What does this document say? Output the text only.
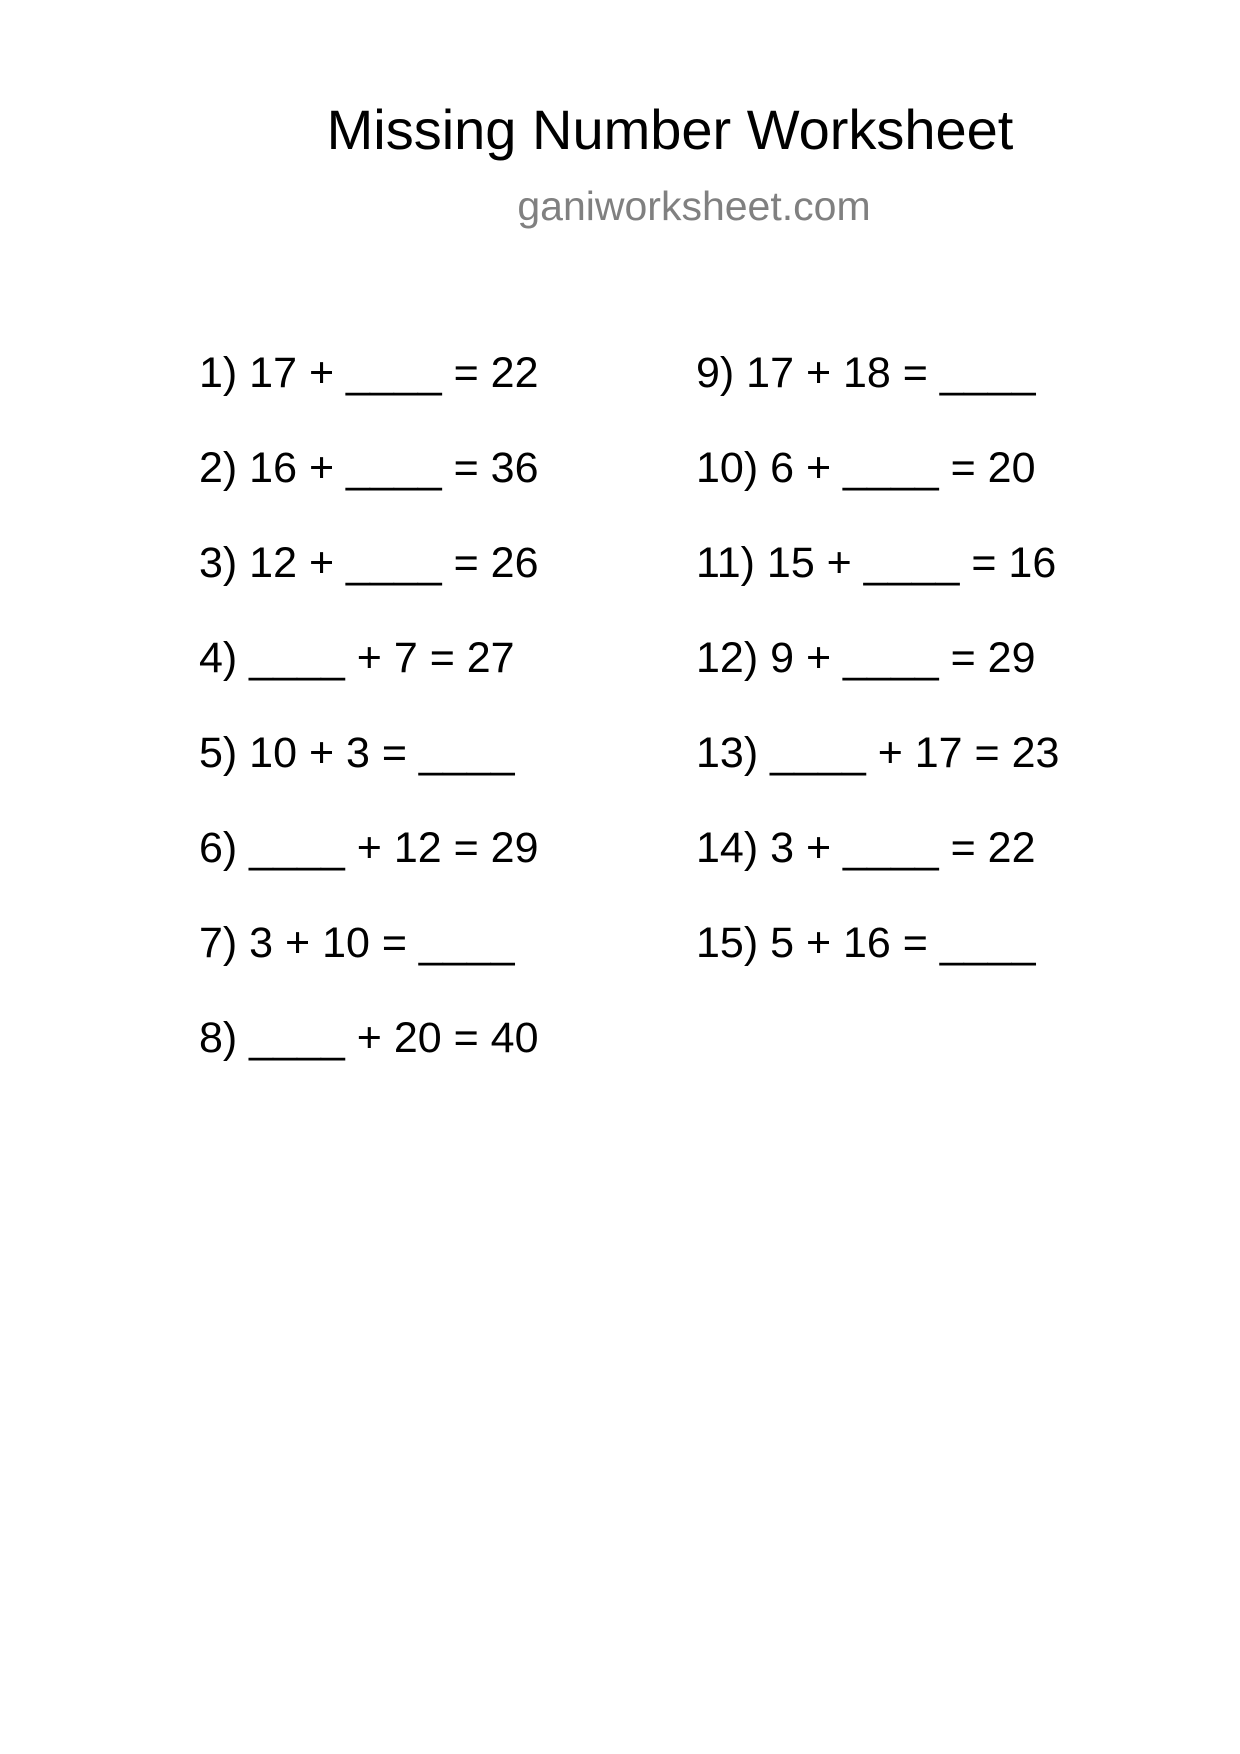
Missing Number Worksheet
ganiworksheet.com
1) 17 + ____ = 22
2) 16 + ____ = 36
3) 12 + ____ = 26
4) ____ + 7 = 27
5) 10 + 3 = ____
6) ____ + 12 = 29
7) 3 + 10 = ____
8) ____ + 20 = 40
9) 17 + 18 = ____
10) 6 + ____ = 20
11) 15 + ____ = 16
12) 9 + ____ = 29
13) ____ + 17 = 23
14) 3 + ____ = 22
15) 5 + 16 = ____
